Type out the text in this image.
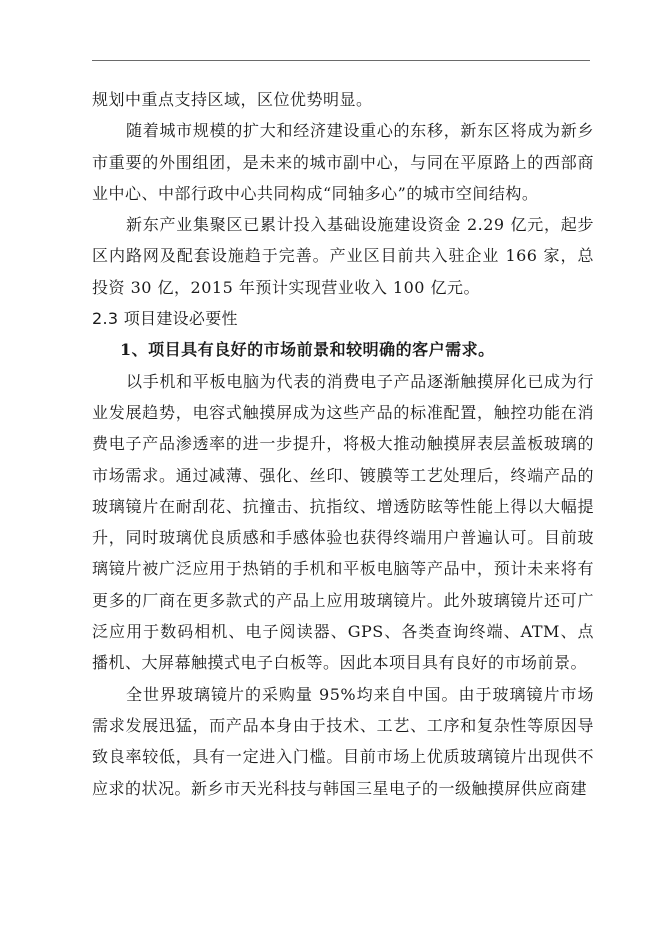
规划中重点支持区域，区位优势明显。

随着城市规模的扩大和经济建设重心的东移，新东区将成为新乡市重要的外围组团，是未来的城市副中心，与同在平原路上的西部商业中心、中部行政中心共同构成“同轴多心”的城市空间结构。

新东产业集聚区已累计投入基础设施建设资金 2.29 亿元，起步区内路网及配套设施趋于完善。产业区目前共入驻企业 166 家，总投资 30 亿，2015 年预计实现营业收入 100 亿元。

2.3 项目建设必要性

1、项目具有良好的市场前景和较明确的客户需求。

以手机和平板电脑为代表的消费电子产品逐渐触摸屏化已成为行业发展趋势，电容式触摸屏成为这些产品的标准配置，触控功能在消费电子产品渗透率的进一步提升，将极大推动触摸屏表层盖板玻璃的市场需求。通过减薄、强化、丝印、镀膜等工艺处理后，终端产品的玻璃镜片在耐刮花、抗撞击、抗指纹、增透防眩等性能上得以大幅提升，同时玻璃优良质感和手感体验也获得终端用户普遍认可。目前玻璃镜片被广泛应用于热销的手机和平板电脑等产品中，预计未来将有更多的厂商在更多款式的产品上应用玻璃镜片。此外玻璃镜片还可广泛应用于数码相机、电子阅读器、GPS、各类查询终端、ATM、点播机、大屏幕触摸式电子白板等。因此本项目具有良好的市场前景。

全世界玻璃镜片的采购量 95%均来自中国。由于玻璃镜片市场需求发展迅猛，而产品本身由于技术、工艺、工序和复杂性等原因导致良率较低，具有一定进入门槛。目前市场上优质玻璃镜片出现供不应求的状况。新乡市天光科技与韩国三星电子的一级触摸屏供应商建
